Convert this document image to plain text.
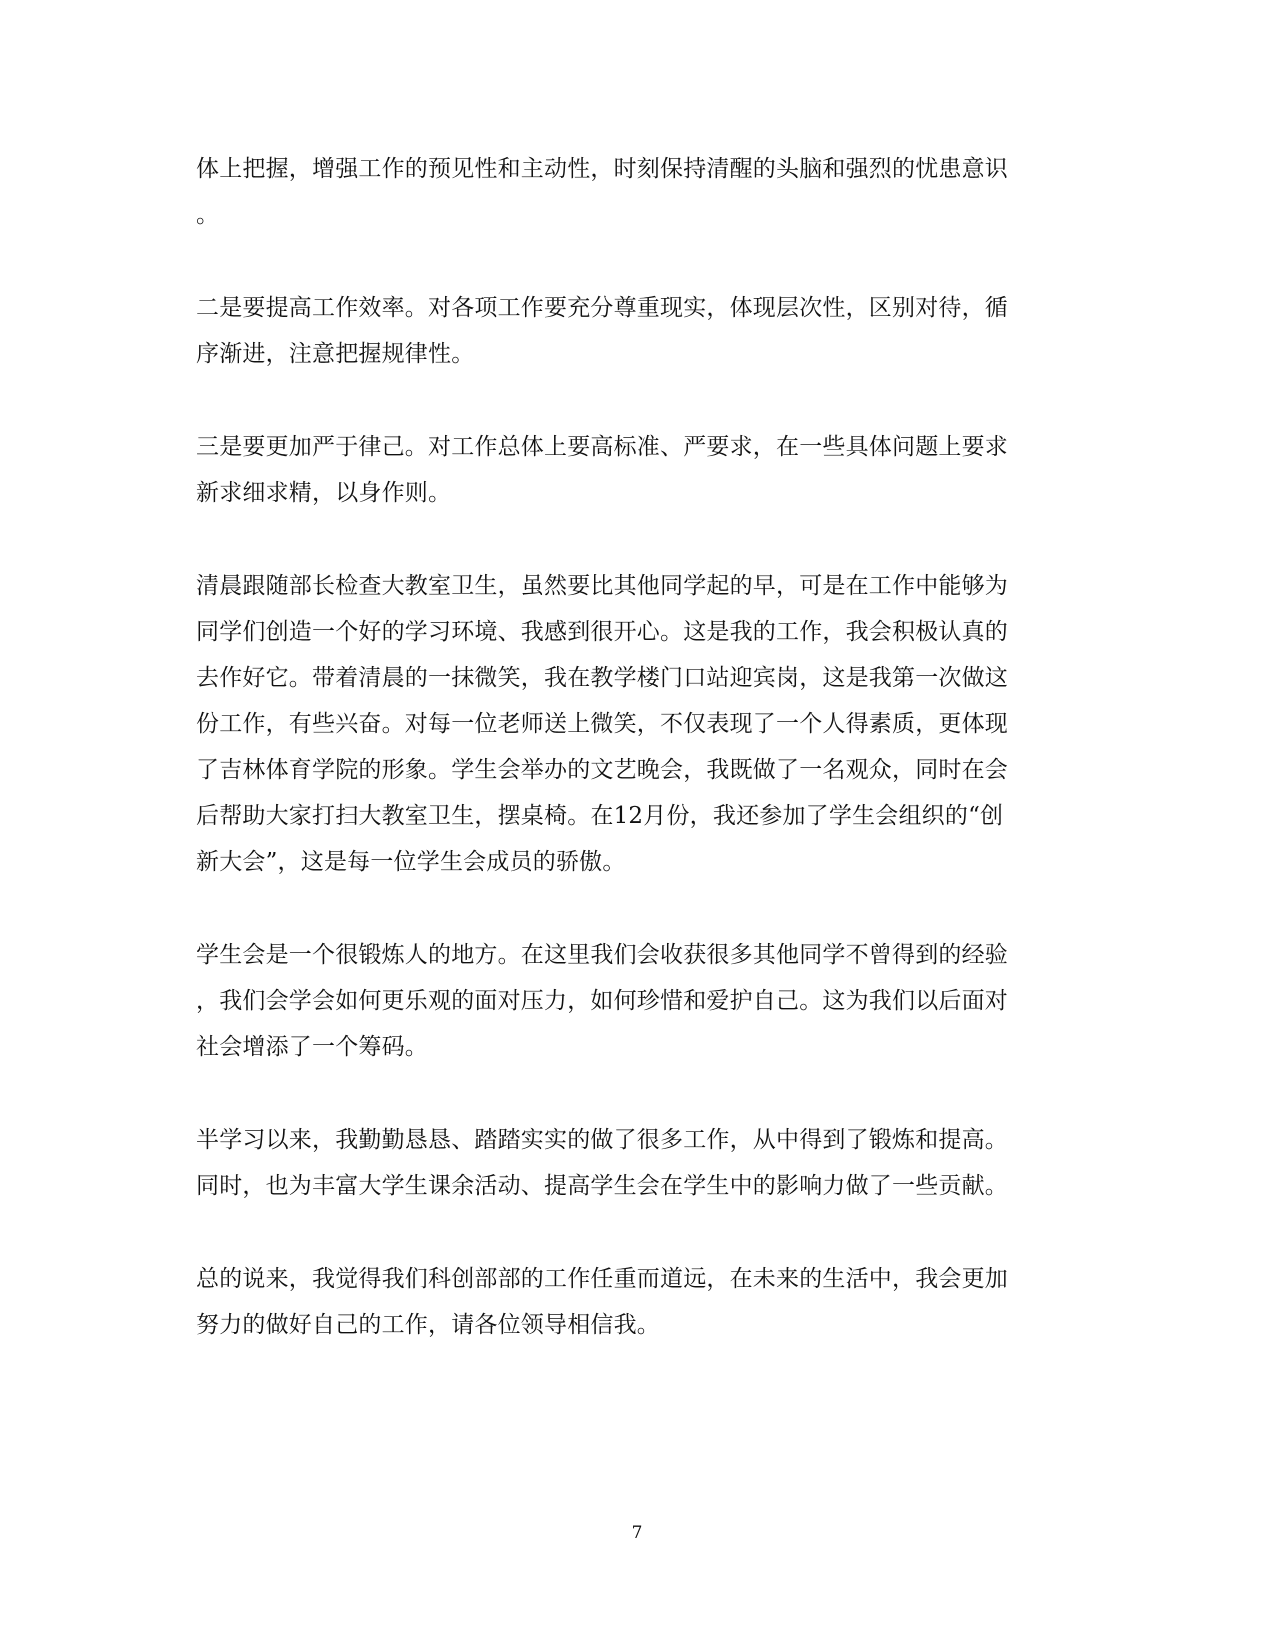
体上把握，增强工作的预见性和主动性，时刻保持清醒的头脑和强烈的忧患意识
。
二是要提高工作效率。对各项工作要充分尊重现实，体现层次性，区别对待，循
序渐进，注意把握规律性。
三是要更加严于律己。对工作总体上要高标准、严要求，在一些具体问题上要求
新求细求精，以身作则。
清晨跟随部长检查大教室卫生，虽然要比其他同学起的早，可是在工作中能够为
同学们创造一个好的学习环境、我感到很开心。这是我的工作，我会积极认真的
去作好它。带着清晨的一抹微笑，我在教学楼门口站迎宾岗，这是我第一次做这
份工作，有些兴奋。对每一位老师送上微笑，不仅表现了一个人得素质，更体现
了吉林体育学院的形象。学生会举办的文艺晚会，我既做了一名观众，同时在会
后帮助大家打扫大教室卫生，摆桌椅。在12月份，我还参加了学生会组织的“创
新大会”，这是每一位学生会成员的骄傲。
学生会是一个很锻炼人的地方。在这里我们会收获很多其他同学不曾得到的经验
，我们会学会如何更乐观的面对压力，如何珍惜和爱护自己。这为我们以后面对
社会增添了一个筹码。
半学习以来，我勤勤恳恳、踏踏实实的做了很多工作，从中得到了锻炼和提高。
同时，也为丰富大学生课余活动、提高学生会在学生中的影响力做了一些贡献。
总的说来，我觉得我们科创部部的工作任重而道远，在未来的生活中，我会更加
努力的做好自己的工作，请各位领导相信我。
7
